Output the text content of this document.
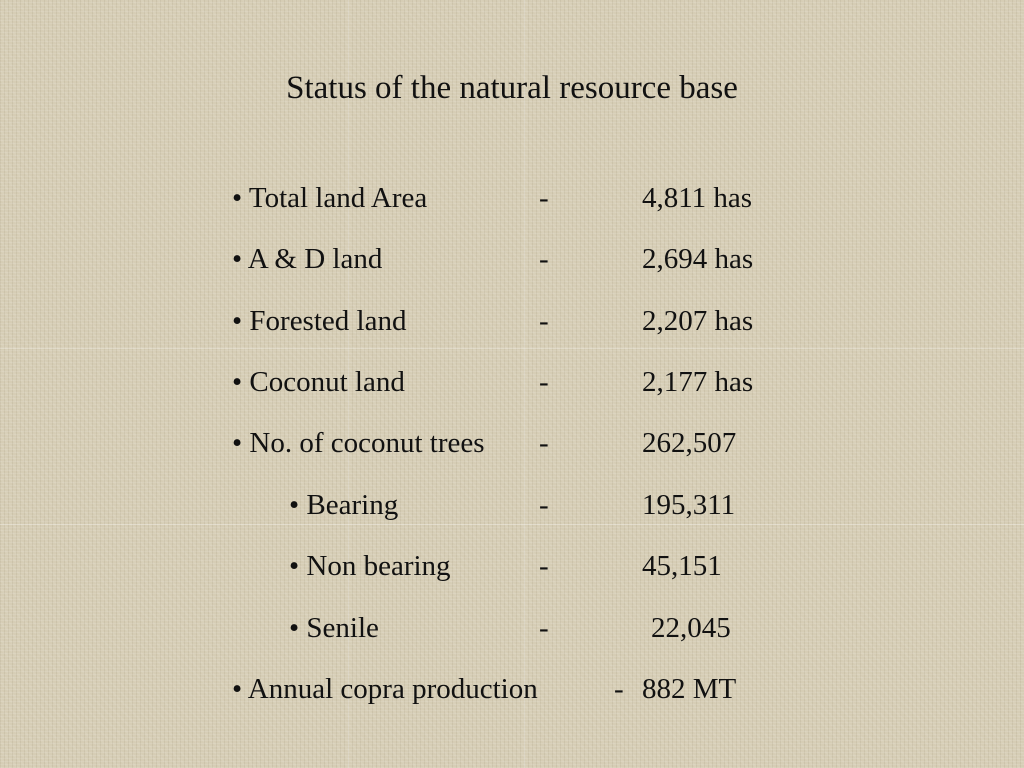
Status of the natural resource base
• Total land Area	-	4,811 has
• A & D land	-	2,694 has
• Forested land	-	2,207 has
• Coconut land	-	2,177 has
• No. of coconut trees -	262,507
• Bearing	-	195,311
• Non bearing	-	45,151
• Senile	-	22,045
• Annual copra production	- 882 MT
